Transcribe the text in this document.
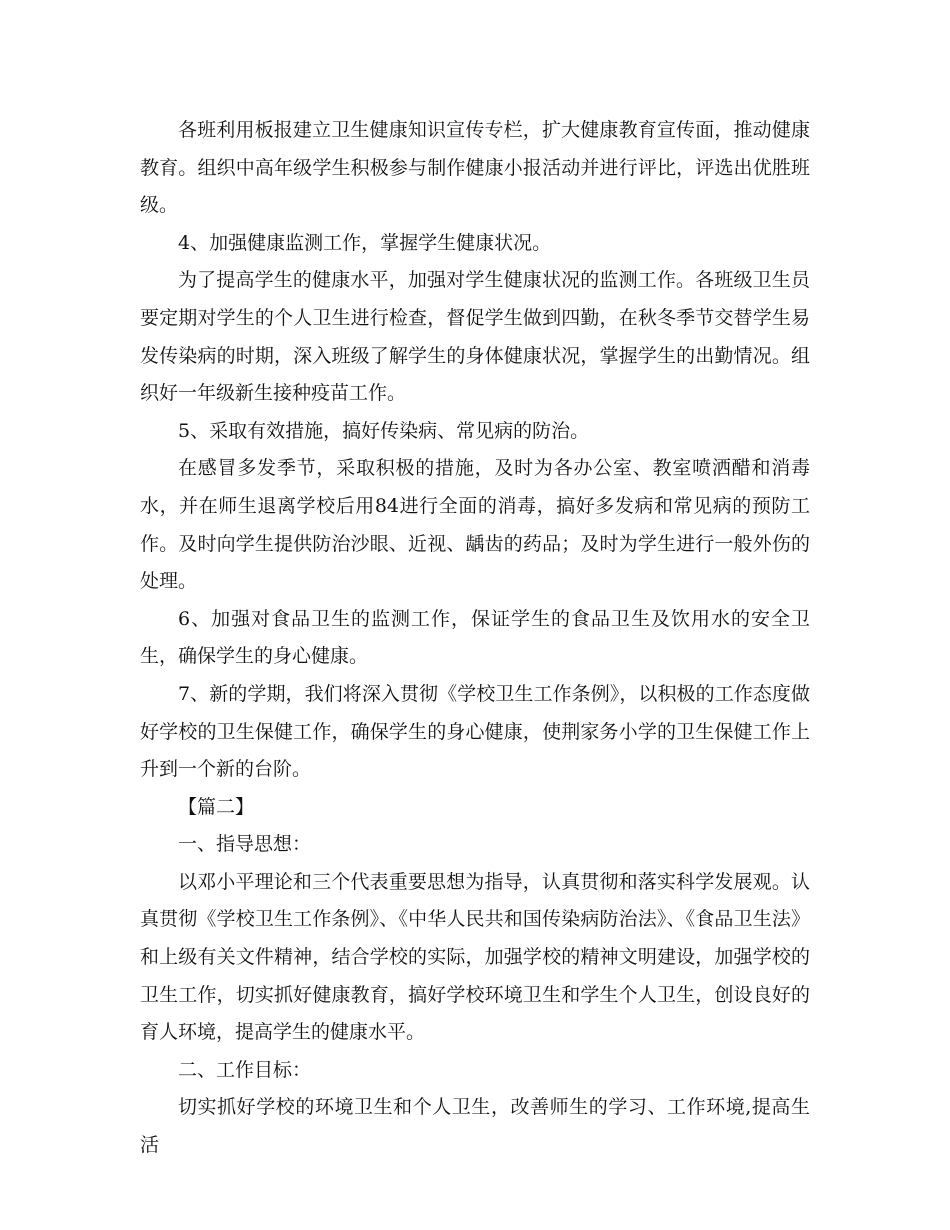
各班利用板报建立卫生健康知识宣传专栏，扩大健康教育宣传面，推动健康教育。组织中高年级学生积极参与制作健康小报活动并进行评比，评选出优胜班级。

4、加强健康监测工作，掌握学生健康状况。

为了提高学生的健康水平，加强对学生健康状况的监测工作。各班级卫生员要定期对学生的个人卫生进行检查，督促学生做到四勤，在秋冬季节交替学生易发传染病的时期，深入班级了解学生的身体健康状况，掌握学生的出勤情况。组织好一年级新生接种疫苗工作。

5、采取有效措施，搞好传染病、常见病的防治。

在感冒多发季节，采取积极的措施，及时为各办公室、教室喷洒醋和消毒水，并在师生退离学校后用84进行全面的消毒，搞好多发病和常见病的预防工作。及时向学生提供防治沙眼、近视、龋齿的药品；及时为学生进行一般外伤的处理。

6、加强对食品卫生的监测工作，保证学生的食品卫生及饮用水的安全卫生，确保学生的身心健康。

7、新的学期，我们将深入贯彻《学校卫生工作条例》，以积极的工作态度做好学校的卫生保健工作，确保学生的身心健康，使荆家务小学的卫生保健工作上升到一个新的台阶。

【篇二】

一、指导思想：

以邓小平理论和三个代表重要思想为指导，认真贯彻和落实科学发展观。认真贯彻《学校卫生工作条例》、《中华人民共和国传染病防治法》、《食品卫生法》和上级有关文件精神，结合学校的实际，加强学校的精神文明建设，加强学校的卫生工作，切实抓好健康教育，搞好学校环境卫生和学生个人卫生，创设良好的育人环境，提高学生的健康水平。

二、工作目标：

切实抓好学校的环境卫生和个人卫生，改善师生的学习、工作环境,提高生活
